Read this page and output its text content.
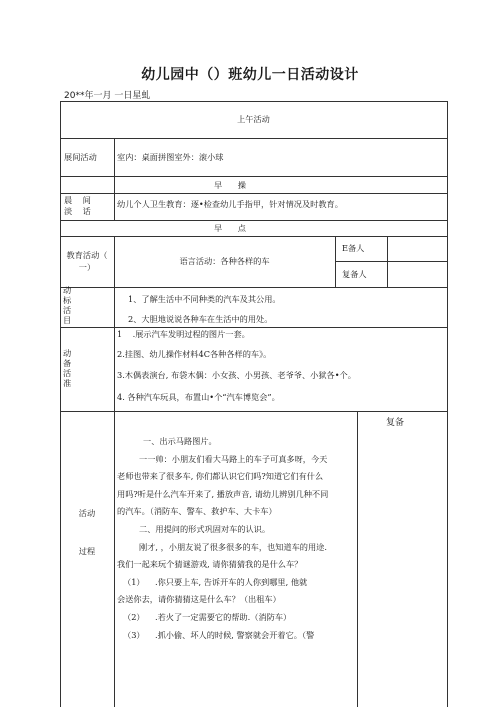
幼儿园中（）班幼儿一日活动设计
20**年一月 一日星虬
上午活动
展间活动 室内：桌面拼图室外：滚小球
早      操
晨    间
淡    话
幼儿个人卫生教育：逐•检查幼儿手指甲，针对情况及时教育。
早      点
教育活动（
一）
语言活动：各种各样的车
E备人
复备人
动
标
活
目
1、了解生活中不同种类的汽车及其公用。
2、大胆地说说各种车在生活中的用处。
动
备
活
准
1    .展示汽车发明过程的图片一套。
2.挂图、幼儿操作材料4C各种各样的车》。
3.木偶表演台, 布袋木偶：小女孩、小男孩、老爷爷、小狱各•个。
4. 各种汽车玩具，布置山•个“汽车博览会”。
活动
过程
复备
一、出示马路图片。
一一帅：小朋友们看大马路上的车子可真多呀，今天
老师也带来了很多车, 你们都认识它们吗?知道它们有什么
用吗?听是什么汽车开来了, 播放声音, 请幼儿辨别几种不同
的汽车。（消防车、警车、救护车、大卡车）
二、用提问的形式巩固对车的认识。
刚才, ，小朋友说了很多很多的车，也知道车的用途.
我们一起来玩个猜谜游戏, 请你猜猜我的是什么车？
（1）    .你只要上车, 告诉开车的人你到哪里, 他就
会送你去，请你猜猜这是什么车？（出租车）
（2）    .若火了一定需要它的帮助.（消防车）
（3）    .抓小偷、坏人的时候, 警察就会开着它。（警
